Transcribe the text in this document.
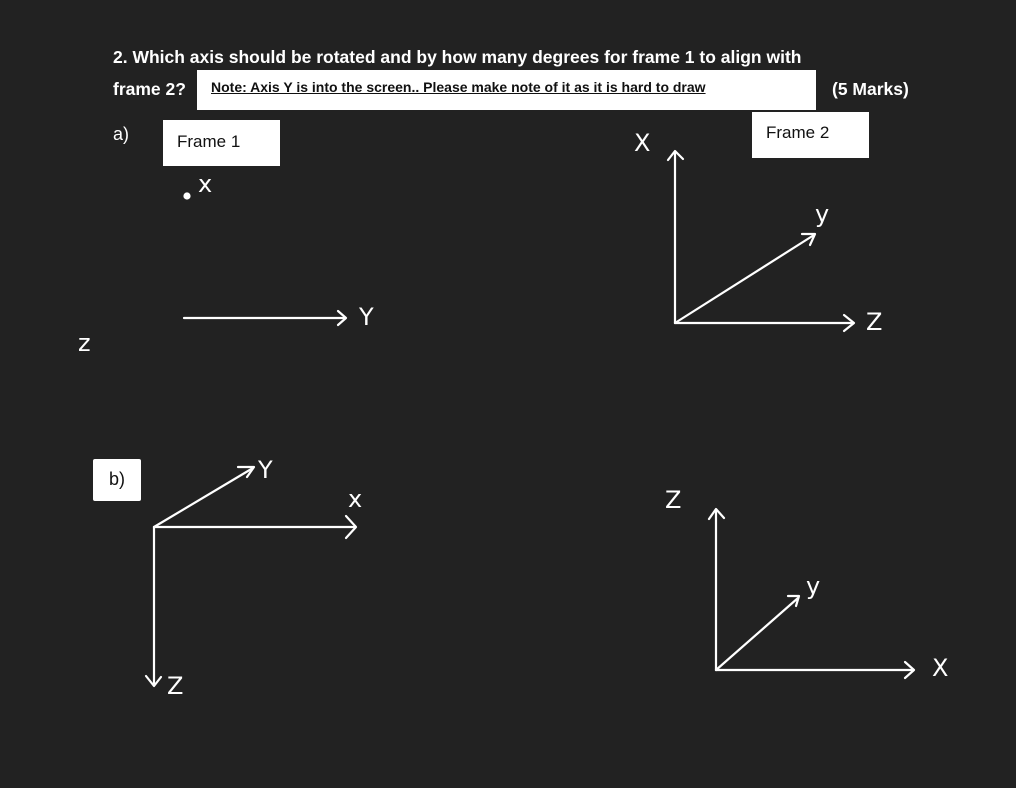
2. Which axis should be rotated and by how many degrees for frame 1 to align with
frame 2?	Note: Axis Y is into the screen.. Please make note of it as it is hard to draw	(5 Marks)
a)
b)
Frame 1	Frame 2
x
Y
z
X
y
Z
Y
x
Z
Z
y
X
